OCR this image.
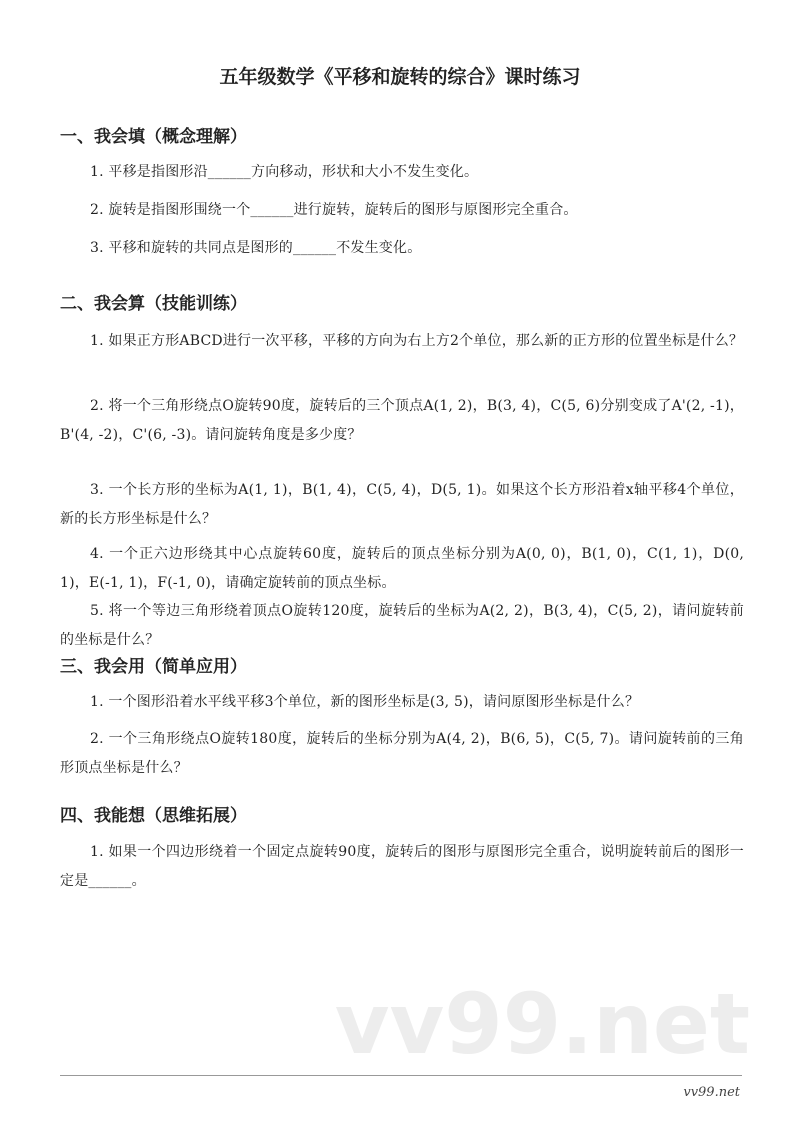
五年级数学《平移和旋转的综合》课时练习
一、我会填（概念理解）
1. 平移是指图形沿______方向移动，形状和大小不发生变化。
2. 旋转是指图形围绕一个______进行旋转，旋转后的图形与原图形完全重合。
3. 平移和旋转的共同点是图形的______不发生变化。
二、我会算（技能训练）
1. 如果正方形ABCD进行一次平移，平移的方向为右上方2个单位，那么新的正方形的位置坐标是什么？
2. 将一个三角形绕点O旋转90度，旋转后的三个顶点A(1, 2)，B(3, 4)，C(5, 6)分别变成了A'(2, -1)，B'(4, -2)，C'(6, -3)。请问旋转角度是多少度？
3. 一个长方形的坐标为A(1, 1)，B(1, 4)，C(5, 4)，D(5, 1)。如果这个长方形沿着x轴平移4个单位，新的长方形坐标是什么？
4. 一个正六边形绕其中心点旋转60度，旋转后的顶点坐标分别为A(0, 0)，B(1, 0)，C(1, 1)，D(0, 1)，E(-1, 1)，F(-1, 0)，请确定旋转前的顶点坐标。
5. 将一个等边三角形绕着顶点O旋转120度，旋转后的坐标为A(2, 2)，B(3, 4)，C(5, 2)，请问旋转前的坐标是什么？
三、我会用（简单应用）
1. 一个图形沿着水平线平移3个单位，新的图形坐标是(3, 5)，请问原图形坐标是什么？
2. 一个三角形绕点O旋转180度，旋转后的坐标分别为A(4, 2)，B(6, 5)，C(5, 7)。请问旋转前的三角形顶点坐标是什么？
四、我能想（思维拓展）
1. 如果一个四边形绕着一个固定点旋转90度，旋转后的图形与原图形完全重合，说明旋转前后的图形一定是______。
vv99.net
vv99.net
